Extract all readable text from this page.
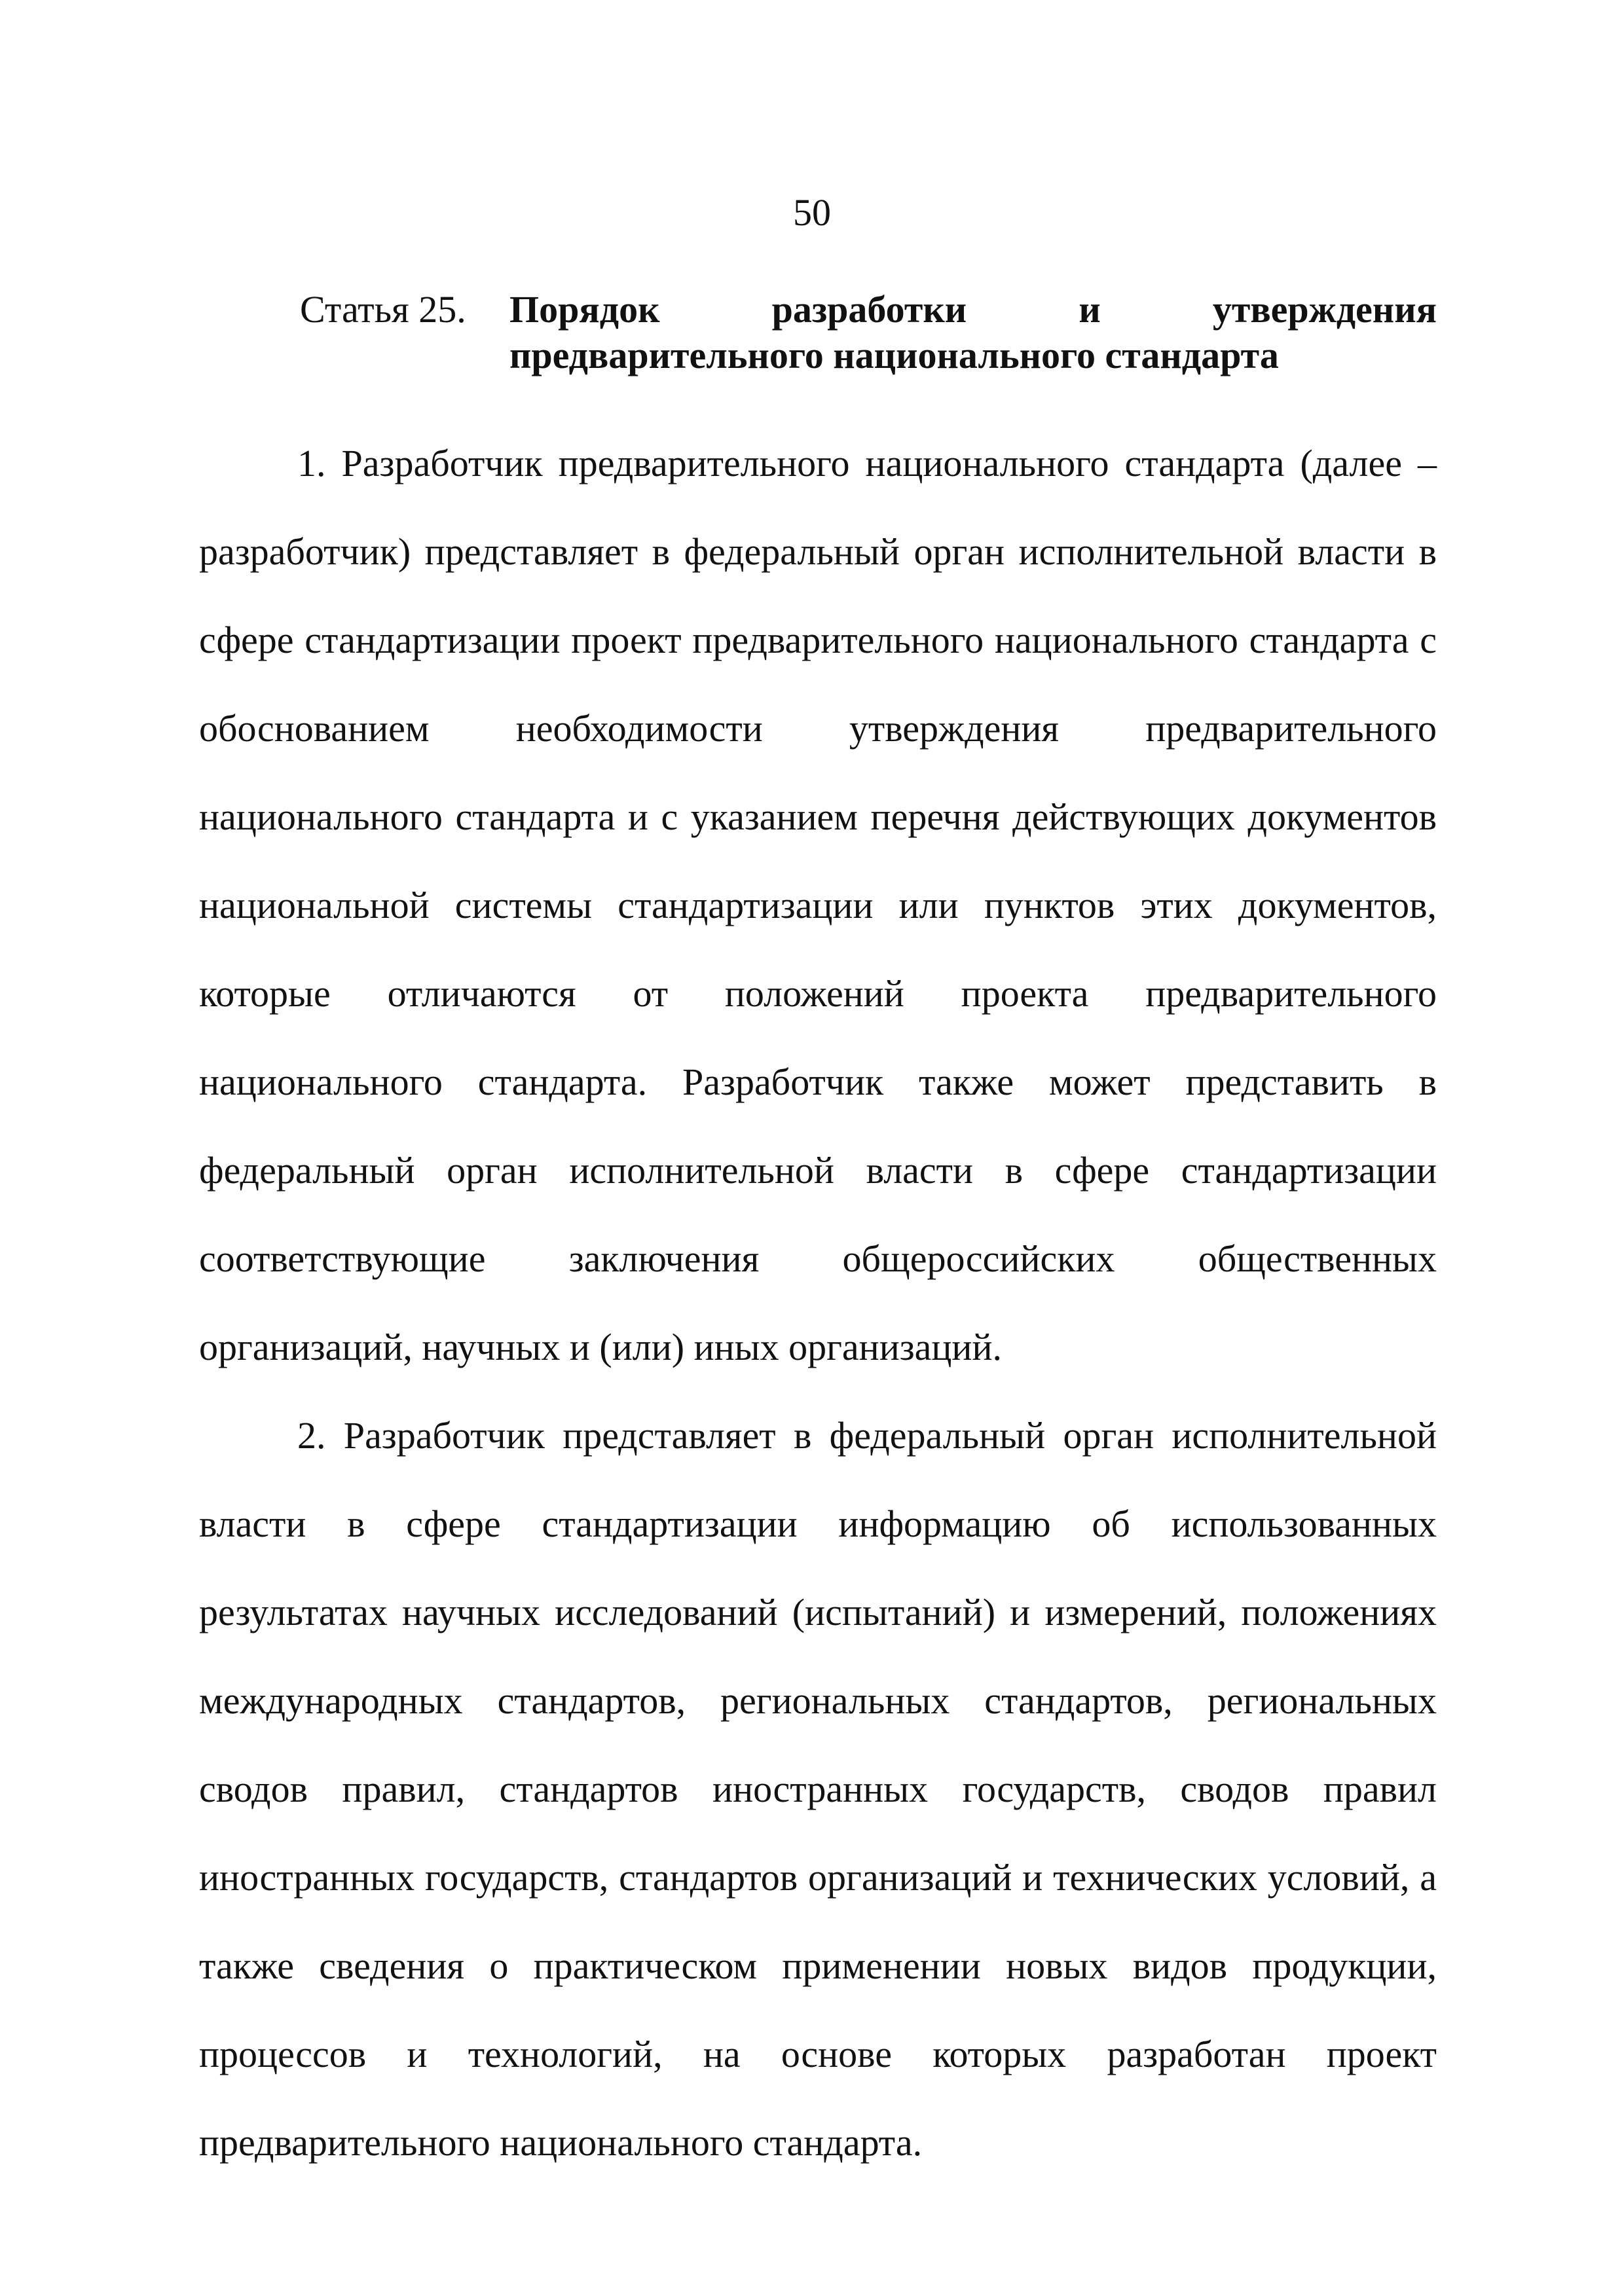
50
Статья 25. Порядок разработки и утверждения
предварительного национального стандарта

1. Разработчик предварительного национального стандарта (далее – разработчик) представляет в федеральный орган исполнительной власти в сфере стандартизации проект предварительного национального стандарта с обоснованием необходимости утверждения предварительного национального стандарта и с указанием перечня действующих документов национальной системы стандартизации или пунктов этих документов, которые отличаются от положений проекта предварительного национального стандарта. Разработчик также может представить в федеральный орган исполнительной власти в сфере стандартизации соответствующие заключения общероссийских общественных организаций, научных и (или) иных организаций.

2. Разработчик представляет в федеральный орган исполнительной власти в сфере стандартизации информацию об использованных результатах научных исследований (испытаний) и измерений, положениях международных стандартов, региональных стандартов, региональных сводов правил, стандартов иностранных государств, сводов правил иностранных государств, стандартов организаций и технических условий, а также сведения о практическом применении новых видов продукции, процессов и технологий, на основе которых разработан проект предварительного национального стандарта.
